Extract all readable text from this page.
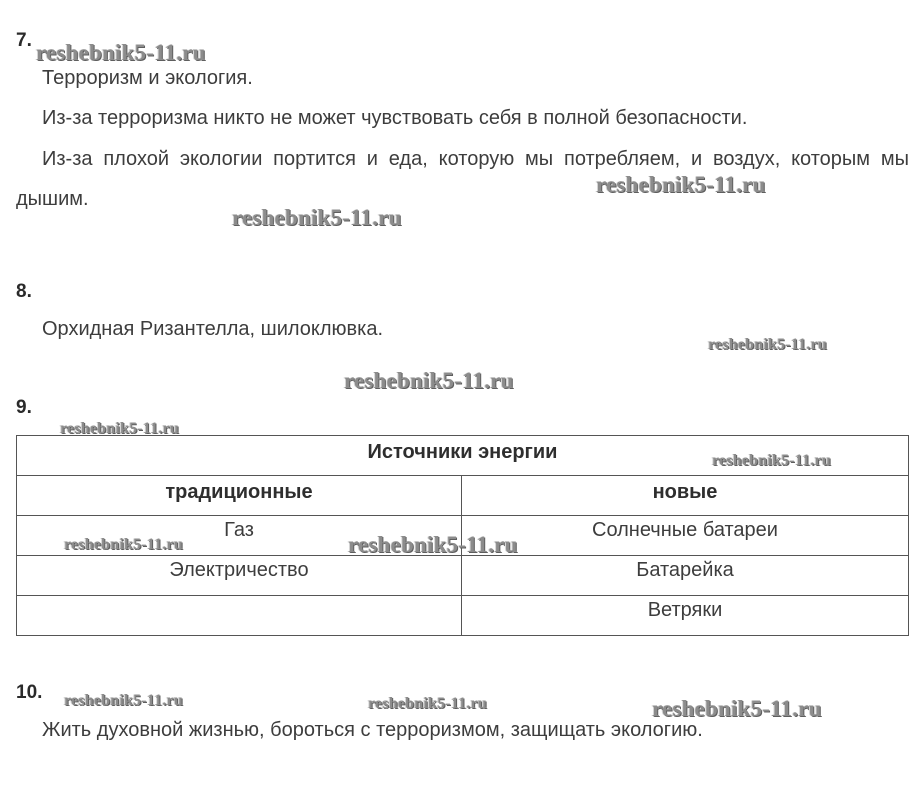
7.
Терроризм и экология.
Из-за терроризма никто не может чувствовать себя в полной безопасности.
Из-за плохой экологии портится и еда, которую мы потребляем, и воздух, которым мы дышим.
8.
Орхидная Ризантелла, шилоклювка.
9.
Источники энергии	
традиционные	новые
Газ	Солнечные батареи
Электричество	Батарейка
	Ветряки
10.
Жить духовной жизнью, бороться с терроризмом, защищать экологию.
reshebnik5-11.ru
reshebnik5-11.ru
reshebnik5-11.ru
reshebnik5-11.ru
reshebnik5-11.ru
reshebnik5-11.ru
reshebnik5-11.ru
reshebnik5-11.ru	reshebnik5-11.ru
reshebnik5-11.ru	reshebnik5-11.ru	reshebnik5-11.ru
